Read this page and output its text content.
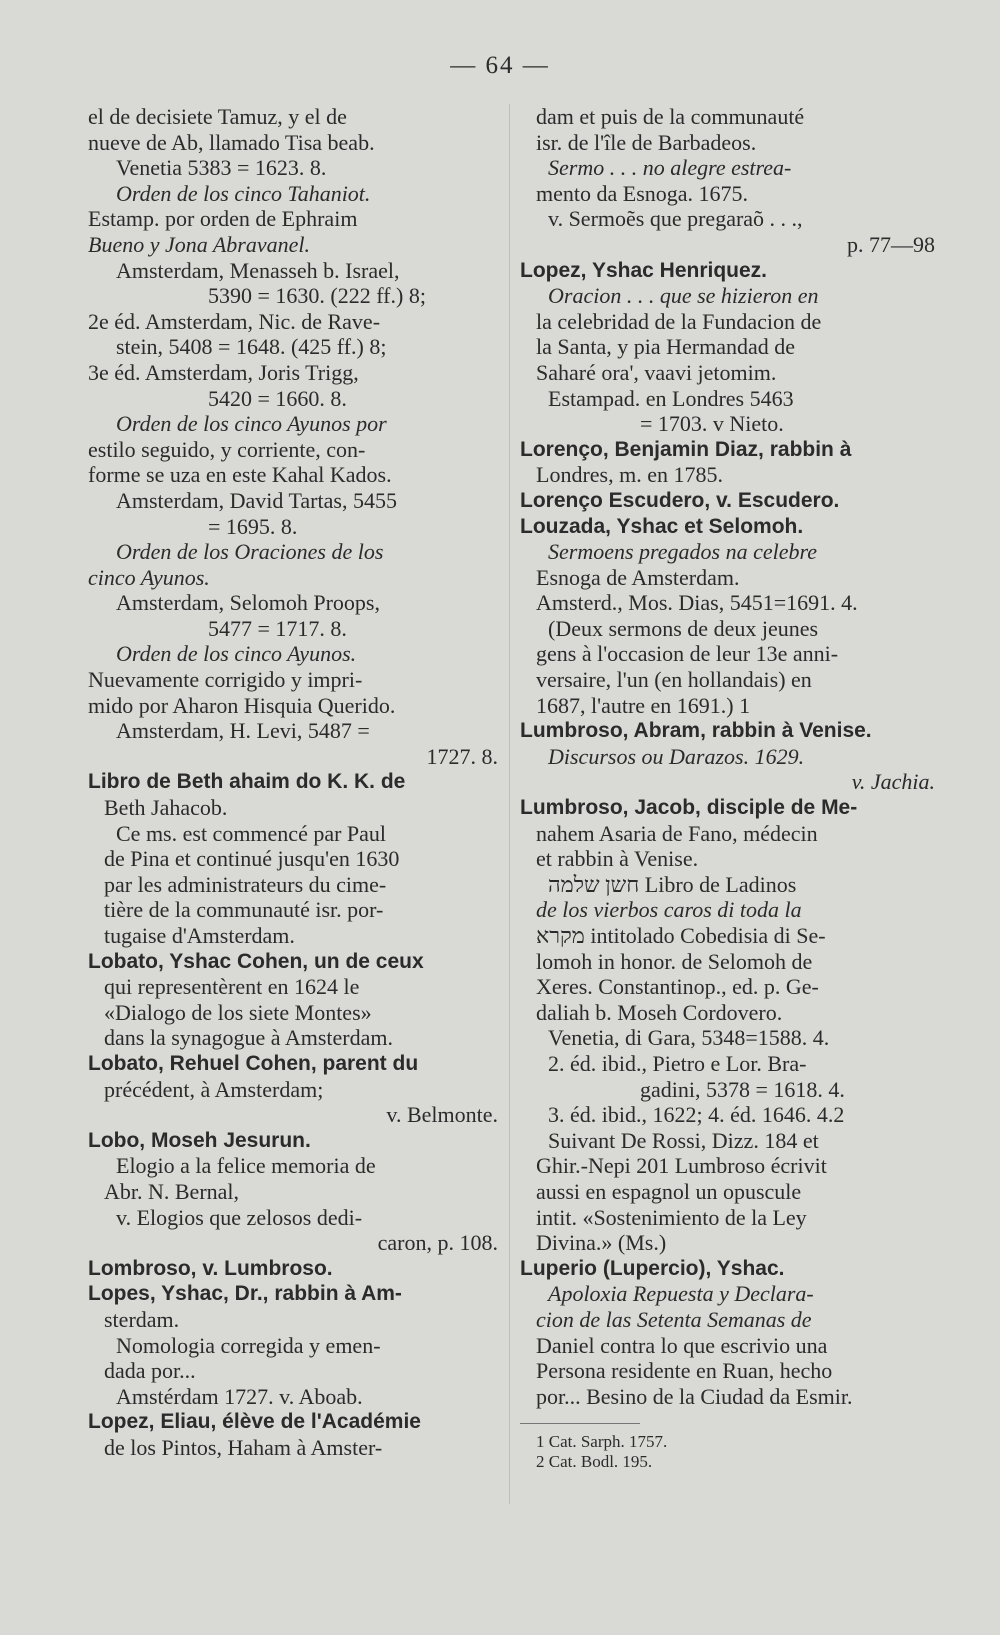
— 64 —
el de decisiete Tamuz, y el de
nueve de Ab, llamado Tisa beab.
Venetia 5383 = 1623. 8.
Orden de los cinco Tahaniot.
Estamp. por orden de Ephraim
Bueno y Jona Abravanel.
Amsterdam, Menasseh b. Israel,
5390 = 1630. (222 ff.) 8;
2e éd. Amsterdam, Nic. de Rave-
stein, 5408 = 1648. (425 ff.) 8;
3e éd. Amsterdam, Joris Trigg,
5420 = 1660. 8.
Orden de los cinco Ayunos por
estilo seguido, y corriente, con-
forme se uza en este Kahal Kados.
Amsterdam, David Tartas, 5455
= 1695. 8.
Orden de los Oraciones de los
cinco Ayunos.
Amsterdam, Selomoh Proops,
5477 = 1717. 8.
Orden de los cinco Ayunos.
Nuevamente corrigido y impri-
mido por Aharon Hisquia Querido.
Amsterdam, H. Levi, 5487 =
1727. 8.
Libro de Beth ahaim do K. K. de
Beth Jahacob.
Ce ms. est commencé par Paul
de Pina et continué jusqu'en 1630
par les administrateurs du cime-
tière de la communauté isr. por-
tugaise d'Amsterdam.
Lobato, Yshac Cohen, un de ceux
qui representèrent en 1624 le
«Dialogo de los siete Montes»
dans la synagogue à Amsterdam.
Lobato, Rehuel Cohen, parent du
précédent, à Amsterdam;
v. Belmonte.
Lobo, Moseh Jesurun.
Elogio a la felice memoria de
Abr. N. Bernal,
v. Elogios que zelosos dedi-
caron, p. 108.
Lombroso, v. Lumbroso.
Lopes, Yshac, Dr., rabbin à Am-
sterdam.
Nomologia corregida y emen-
dada por...
Amstérdam 1727. v. Aboab.
Lopez, Eliau, élève de l'Académie
de los Pintos, Haham à Amster-
dam et puis de la communauté
isr. de l'île de Barbadeos.
Sermo . . . no alegre estrea-
mento da Esnoga. 1675.
v. Sermoẽs que pregaraõ . . .,
p. 77—98
Lopez, Yshac Henriquez.
Oracion . . . que se hizieron en
la celebridad de la Fundacion de
la Santa, y pia Hermandad de
Saharé ora', vaavi jetomim.
Estampad. en Londres 5463
= 1703. v Nieto.
Lorenço, Benjamin Diaz, rabbin à
Londres, m. en 1785.
Lorenço Escudero, v. Escudero.
Louzada, Yshac et Selomoh.
Sermoens pregados na celebre
Esnoga de Amsterdam.
Amsterd., Mos. Dias, 5451=1691. 4.
(Deux sermons de deux jeunes
gens à l'occasion de leur 13e anni-
versaire, l'un (en hollandais) en
1687, l'autre en 1691.) 1
Lumbroso, Abram, rabbin à Venise.
Discursos ou Darazos. 1629.
v. Jachia.
Lumbroso, Jacob, disciple de Me-
nahem Asaria de Fano, médecin
et rabbin à Venise.
חשן שלמה Libro de Ladinos
de los vierbos caros di toda la
מקרא intitolado Cobedisia di Se-
lomoh in honor. de Selomoh de
Xeres. Constantinop., ed. p. Ge-
daliah b. Moseh Cordovero.
Venetia, di Gara, 5348=1588. 4.
2. éd. ibid., Pietro e Lor. Bra-
gadini, 5378 = 1618. 4.
3. éd. ibid., 1622; 4. éd. 1646. 4.2
Suivant De Rossi, Dizz. 184 et
Ghir.-Nepi 201 Lumbroso écrivit
aussi en espagnol un opuscule
intit. «Sostenimiento de la Ley
Divina.» (Ms.)
Luperio (Lupercio), Yshac.
Apoloxia Repuesta y Declara-
cion de las Setenta Semanas de
Daniel contra lo que escrivio una
Persona residente en Ruan, hecho
por... Besino de la Ciudad da Esmir.
1 Cat. Sarph. 1757.
2 Cat. Bodl. 195.
